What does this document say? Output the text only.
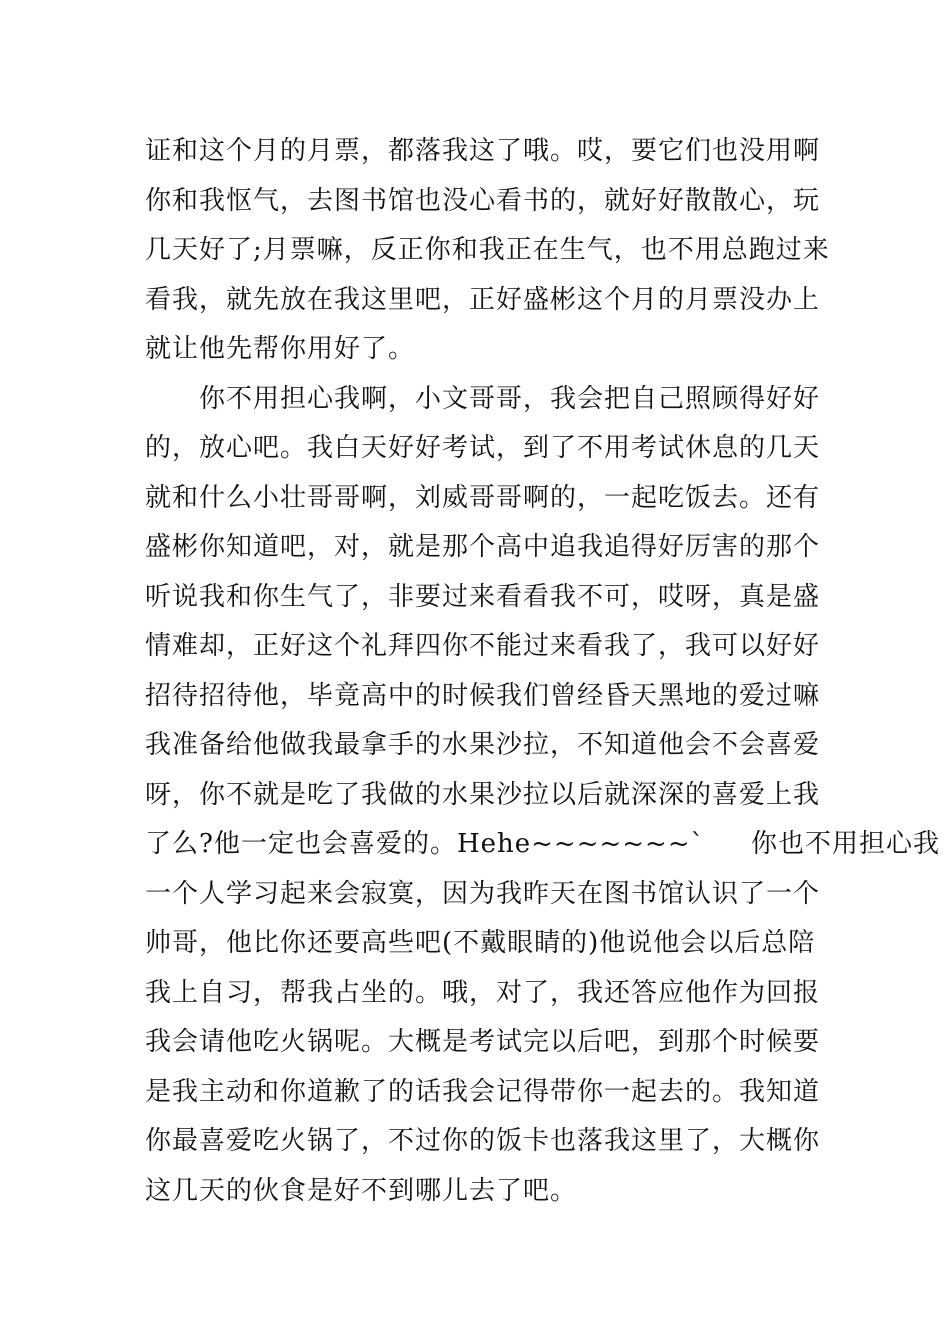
证和这个月的月票，都落我这了哦。哎，要它们也没用啊
你和我怄气，去图书馆也没心看书的，就好好散散心，玩
几天好了;月票嘛，反正你和我正在生气，也不用总跑过来
看我，就先放在我这里吧，正好盛彬这个月的月票没办上
就让他先帮你用好了。
你不用担心我啊，小文哥哥，我会把自己照顾得好好
的，放心吧。我白天好好考试，到了不用考试休息的几天
就和什么小壮哥哥啊，刘威哥哥啊的，一起吃饭去。还有
盛彬你知道吧，对，就是那个高中追我追得好厉害的那个
听说我和你生气了，非要过来看看我不可，哎呀，真是盛
情难却，正好这个礼拜四你不能过来看我了，我可以好好
招待招待他，毕竟高中的时候我们曾经昏天黑地的爱过嘛
我准备给他做我最拿手的水果沙拉，不知道他会不会喜爱
呀，你不就是吃了我做的水果沙拉以后就深深的喜爱上我
了么?他一定也会喜爱的。Hehe~~~~~~~`     你也不用担心我
一个人学习起来会寂寞，因为我昨天在图书馆认识了一个
帅哥，他比你还要高些吧(不戴眼睛的)他说他会以后总陪
我上自习，帮我占坐的。哦，对了，我还答应他作为回报
我会请他吃火锅呢。大概是考试完以后吧，到那个时候要
是我主动和你道歉了的话我会记得带你一起去的。我知道
你最喜爱吃火锅了，不过你的饭卡也落我这里了，大概你
这几天的伙食是好不到哪儿去了吧。
